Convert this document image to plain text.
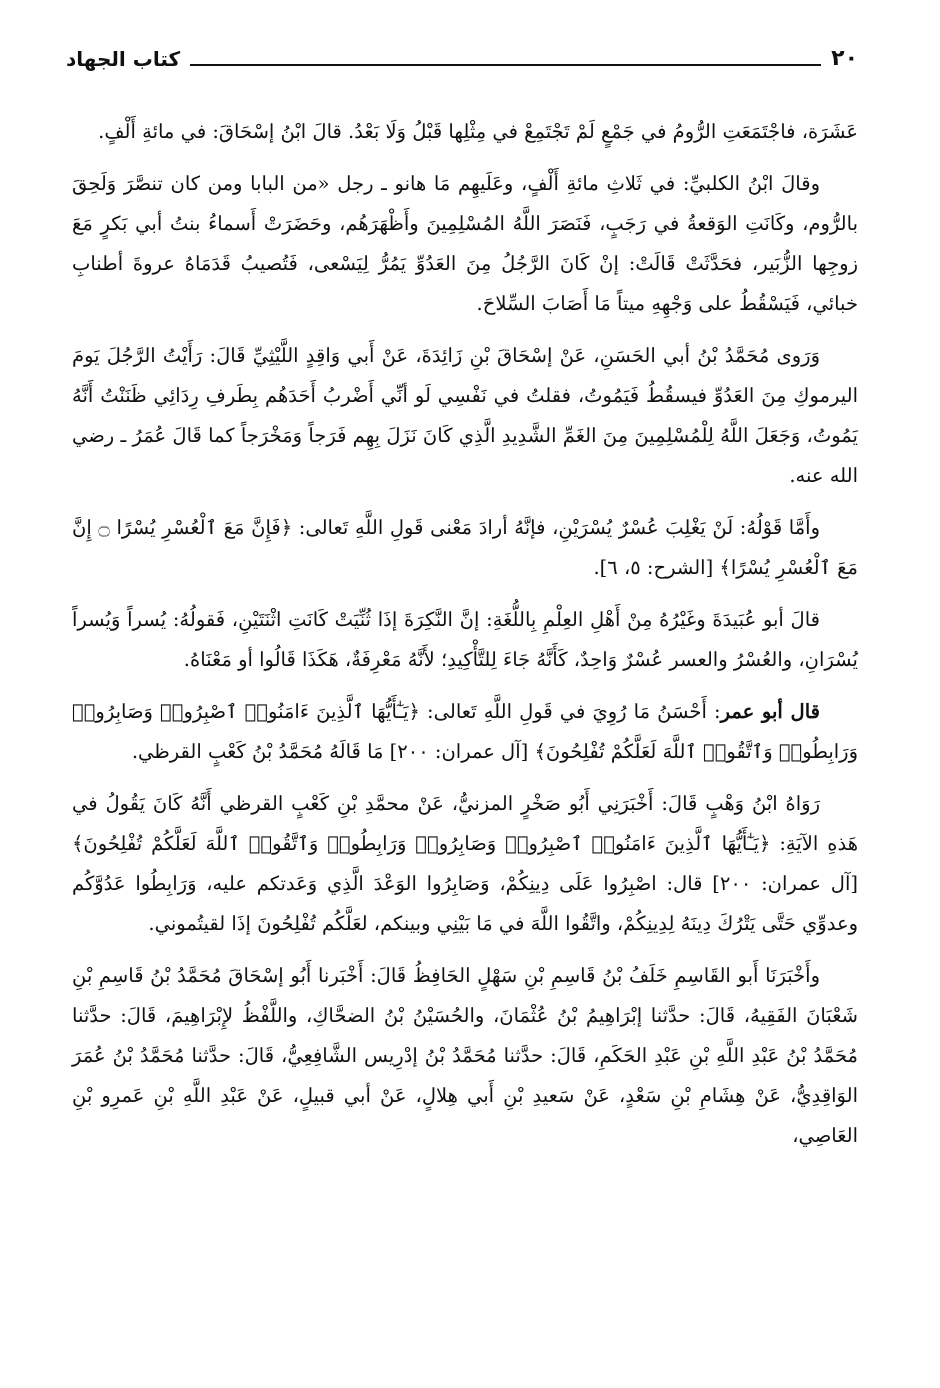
٢٠
كتاب الجهاد

عَشَرَة، فاجْتَمَعَتِ الرُّومُ في جَمْعٍ لَمْ تَجْتَمِعْ في مِثْلِها قَبْلُ وَلَا بَعْدُ. قالَ ابْنُ إسْحَاقَ: في مائةِ أَلْفٍ.

وقالَ ابْنُ الكلبيِّ: في ثَلاثِ مائةِ أَلْفٍ، وعَلَيهِم مَا هانو ـ رجل «من البابا ومن كان تنصَّرَ وَلَحِقَ بالرُّوم، وكَانَتِ الوَقعةُ في رَجَبٍ، فَنَصَرَ اللَّهُ المُسْلِمِينَ وأَظْهَرَهُم، وحَضَرَتْ أَسماءُ بنتُ أبي بَكرٍ مَعَ زوجِها الزُّبَير، فحَدَّثَتْ قَالَتْ: إنْ كَانَ الرَّجُلُ مِنَ العَدُوِّ يَمُرُّ لِيَسْعى، فَتُصيبُ قَدَمَاهُ عروةَ أطنابِ خبائي، فَيَسْقُطُ على وَجْهِهِ ميتاً مَا أَصَابَ السِّلاحَ.

وَرَوى مُحَمَّدُ بْنُ أبي الحَسَنِ، عَنْ إسْحَاقَ بْنِ زَائِدَةَ، عَنْ أَبي وَاقِدٍ اللَّيْثِيِّ قَالَ: رَأَيْتُ الرَّجُلَ يَومَ اليرموكِ مِنَ العَدُوِّ فيسقُطُ فَيَمُوتُ، فقلتُ في نَفْسِي لَو أنِّي أَضْربُ أَحَدَهُم بِطَرفِ رِدَائِي ظَنَنْتُ أَنَّهُ يَمُوتُ، وَجَعَلَ اللَّهُ لِلْمُسْلِمِينَ مِنَ الغَمِّ الشَّدِيدِ الَّذِي كَانَ نَزَلَ بِهِم فَرَجاً وَمَخْرَجاً كما قَالَ عُمَرُ ـ رضي الله عنه.

وأَمَّا قَوْلُهُ: لَنْ يَغْلِبَ عُسْرٌ يُسْرَيْنِ، فإنَّهُ أرادَ مَعْنى قَولِ اللَّهِ تَعالى: ﴿فَإِنَّ مَعَ ٱلْعُسْرِ يُسْرًا ۝ إِنَّ مَعَ ٱلْعُسْرِ يُسْرًا﴾ [الشرح: ٥، ٦].

قالَ أبو عُبَيدَةَ وغَيْرُهُ مِنْ أَهْلِ العِلْمِ بِاللُّغَةِ: إنَّ النَّكِرَةَ إذَا ثُنِّيَتْ كَانَتِ اثْنَتَيْنِ، فَقولُهُ: يُسراً وَيُسراً يُسْرَانِ، والعُسْرُ والعسر عُسْرٌ وَاحِدٌ، كَأَنَّهُ جَاءَ لِلتَّأْكِيدِ؛ لأَنَّهُ مَعْرِفَةٌ، هَكَذَا قَالُوا أو مَعْنَاهُ.

قال أبو عمر: أَحْسَنُ مَا رُوِيَ في قَولِ اللَّهِ تَعالى: ﴿يَـٰٓأَيُّهَا ٱلَّذِينَ ءَامَنُوا۟ ٱصْبِرُوا۟ وَصَابِرُوا۟ وَرَابِطُوا۟ وَٱتَّقُوا۟ ٱللَّهَ لَعَلَّكُمْ تُفْلِحُونَ﴾ [آل عمران: ٢٠٠] مَا قَالَهُ مُحَمَّدُ بْنُ كَعْبٍ القرظي.

رَوَاهُ ابْنُ وَهْبٍ قَالَ: أَخْبَرَنِي أَبُو صَخْرٍ المزنيُّ، عَنْ محمَّدِ بْنِ كَعْبٍ القرظي أَنَّهُ كَانَ يَقُولُ في هَذهِ الآيَةِ: ﴿يَـٰٓأَيُّهَا ٱلَّذِينَ ءَامَنُوا۟ ٱصْبِرُوا۟ وَصَابِرُوا۟ وَرَابِطُوا۟ وَٱتَّقُوا۟ ٱللَّهَ لَعَلَّكُمْ تُفْلِحُونَ﴾ [آل عمران: ٢٠٠] قال: اصْبِرُوا عَلَى دِينِكُمْ، وَصَابِرُوا الوَعْدَ الَّذِي وَعَدتكم عليه، وَرَابِطُوا عَدُوَّكُم وعدوِّي حَتَّى يَتْرُكَ دِينَهُ لِدِينِكُمْ، واتَّقُوا اللَّهَ في مَا بَيْنِي وبينكم، لعَلَّكُم تُفْلِحُونَ إذَا لقيتُموني.

وأَخْبَرَنَا أَبو القَاسِمِ خَلَفُ بْنُ قَاسِمِ بْنِ سَهْلٍ الحَافِظُ قَالَ: أَخْبَرنا أَبُو إسْحَاقَ مُحَمَّدُ بْنُ قَاسِمِ بْنِ شَعْبَانَ الفَقِيهُ، قَالَ: حدَّثنا إبْرَاهِيمُ بْنُ عُثْمَانَ، والحُسَيْنُ بْنُ الضحَّاكِ، واللَّفْظُ لإِبْرَاهِيمَ، قَالَ: حدَّثنا مُحَمَّدُ بْنُ عَبْدِ اللَّهِ بْنِ عَبْدِ الحَكَمِ، قَالَ: حدَّثنا مُحَمَّدُ بْنُ إدْرِيس الشَّافِعِيُّ، قَالَ: حدَّثنا مُحَمَّدُ بْنُ عُمَرَ الوَاقِدِيُّ، عَنْ هِشَامِ بْنِ سَعْدٍ، عَنْ سَعيدِ بْنِ أَبي هِلالٍ، عَنْ أبي قبيلٍ، عَنْ عَبْدِ اللَّهِ بْنِ عَمرِو بْنِ العَاصِي،
